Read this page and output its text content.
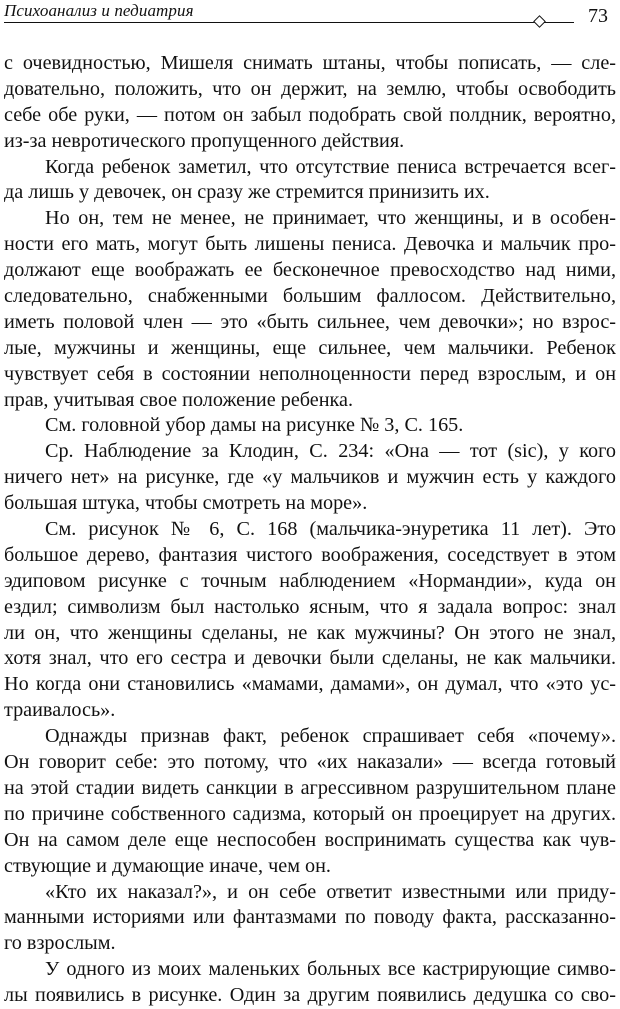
Психоанализ и педиатрия	73
с очевидностью, Мишеля снимать штаны, чтобы пописать, — сле-
довательно, положить, что он держит, на землю, чтобы освободить
себе обе руки, — потом он забыл подобрать свой полдник, вероятно,
из-за невротического пропущенного действия.
Когда ребенок заметил, что отсутствие пениса встречается всег-
да лишь у девочек, он сразу же стремится принизить их.
Но он, тем не менее, не принимает, что женщины, и в особен-
ности его мать, могут быть лишены пениса. Девочка и мальчик про-
должают еще воображать ее бесконечное превосходство над ними,
следовательно, снабженными большим фаллосом. Действительно,
иметь половой член — это «быть сильнее, чем девочки»; но взрос-
лые, мужчины и женщины, еще сильнее, чем мальчики. Ребенок
чувствует себя в состоянии неполноценности перед взрослым, и он
прав, учитывая свое положение ребенка.
См. головной убор дамы на рисунке № 3, С. 165.
Ср. Наблюдение за Клодин, С. 234: «Она — тот (sic), у кого
ничего нет» на рисунке, где «у мальчиков и мужчин есть у каждого
большая штука, чтобы смотреть на море».
См. рисунок № 6, С. 168 (мальчика-энуретика 11 лет). Это
большое дерево, фантазия чистого воображения, соседствует в этом
эдиповом рисунке с точным наблюдением «Нормандии», куда он
ездил; символизм был настолько ясным, что я задала вопрос: знал
ли он, что женщины сделаны, не как мужчины? Он этого не знал,
хотя знал, что его сестра и девочки были сделаны, не как мальчики.
Но когда они становились «мамами, дамами», он думал, что «это ус-
траивалось».
Однажды признав факт, ребенок спрашивает себя «почему».
Он говорит себе: это потому, что «их наказали» — всегда готовый
на этой стадии видеть санкции в агрессивном разрушительном плане
по причине собственного садизма, который он проецирует на других.
Он на самом деле еще неспособен воспринимать существа как чув-
ствующие и думающие иначе, чем он.
«Кто их наказал?», и он себе ответит известными или приду-
манными историями или фантазмами по поводу факта, рассказанно-
го взрослым.
У одного из моих маленьких больных все кастрирующие симво-
лы появились в рисунке. Один за другим появились дедушка со сво-
